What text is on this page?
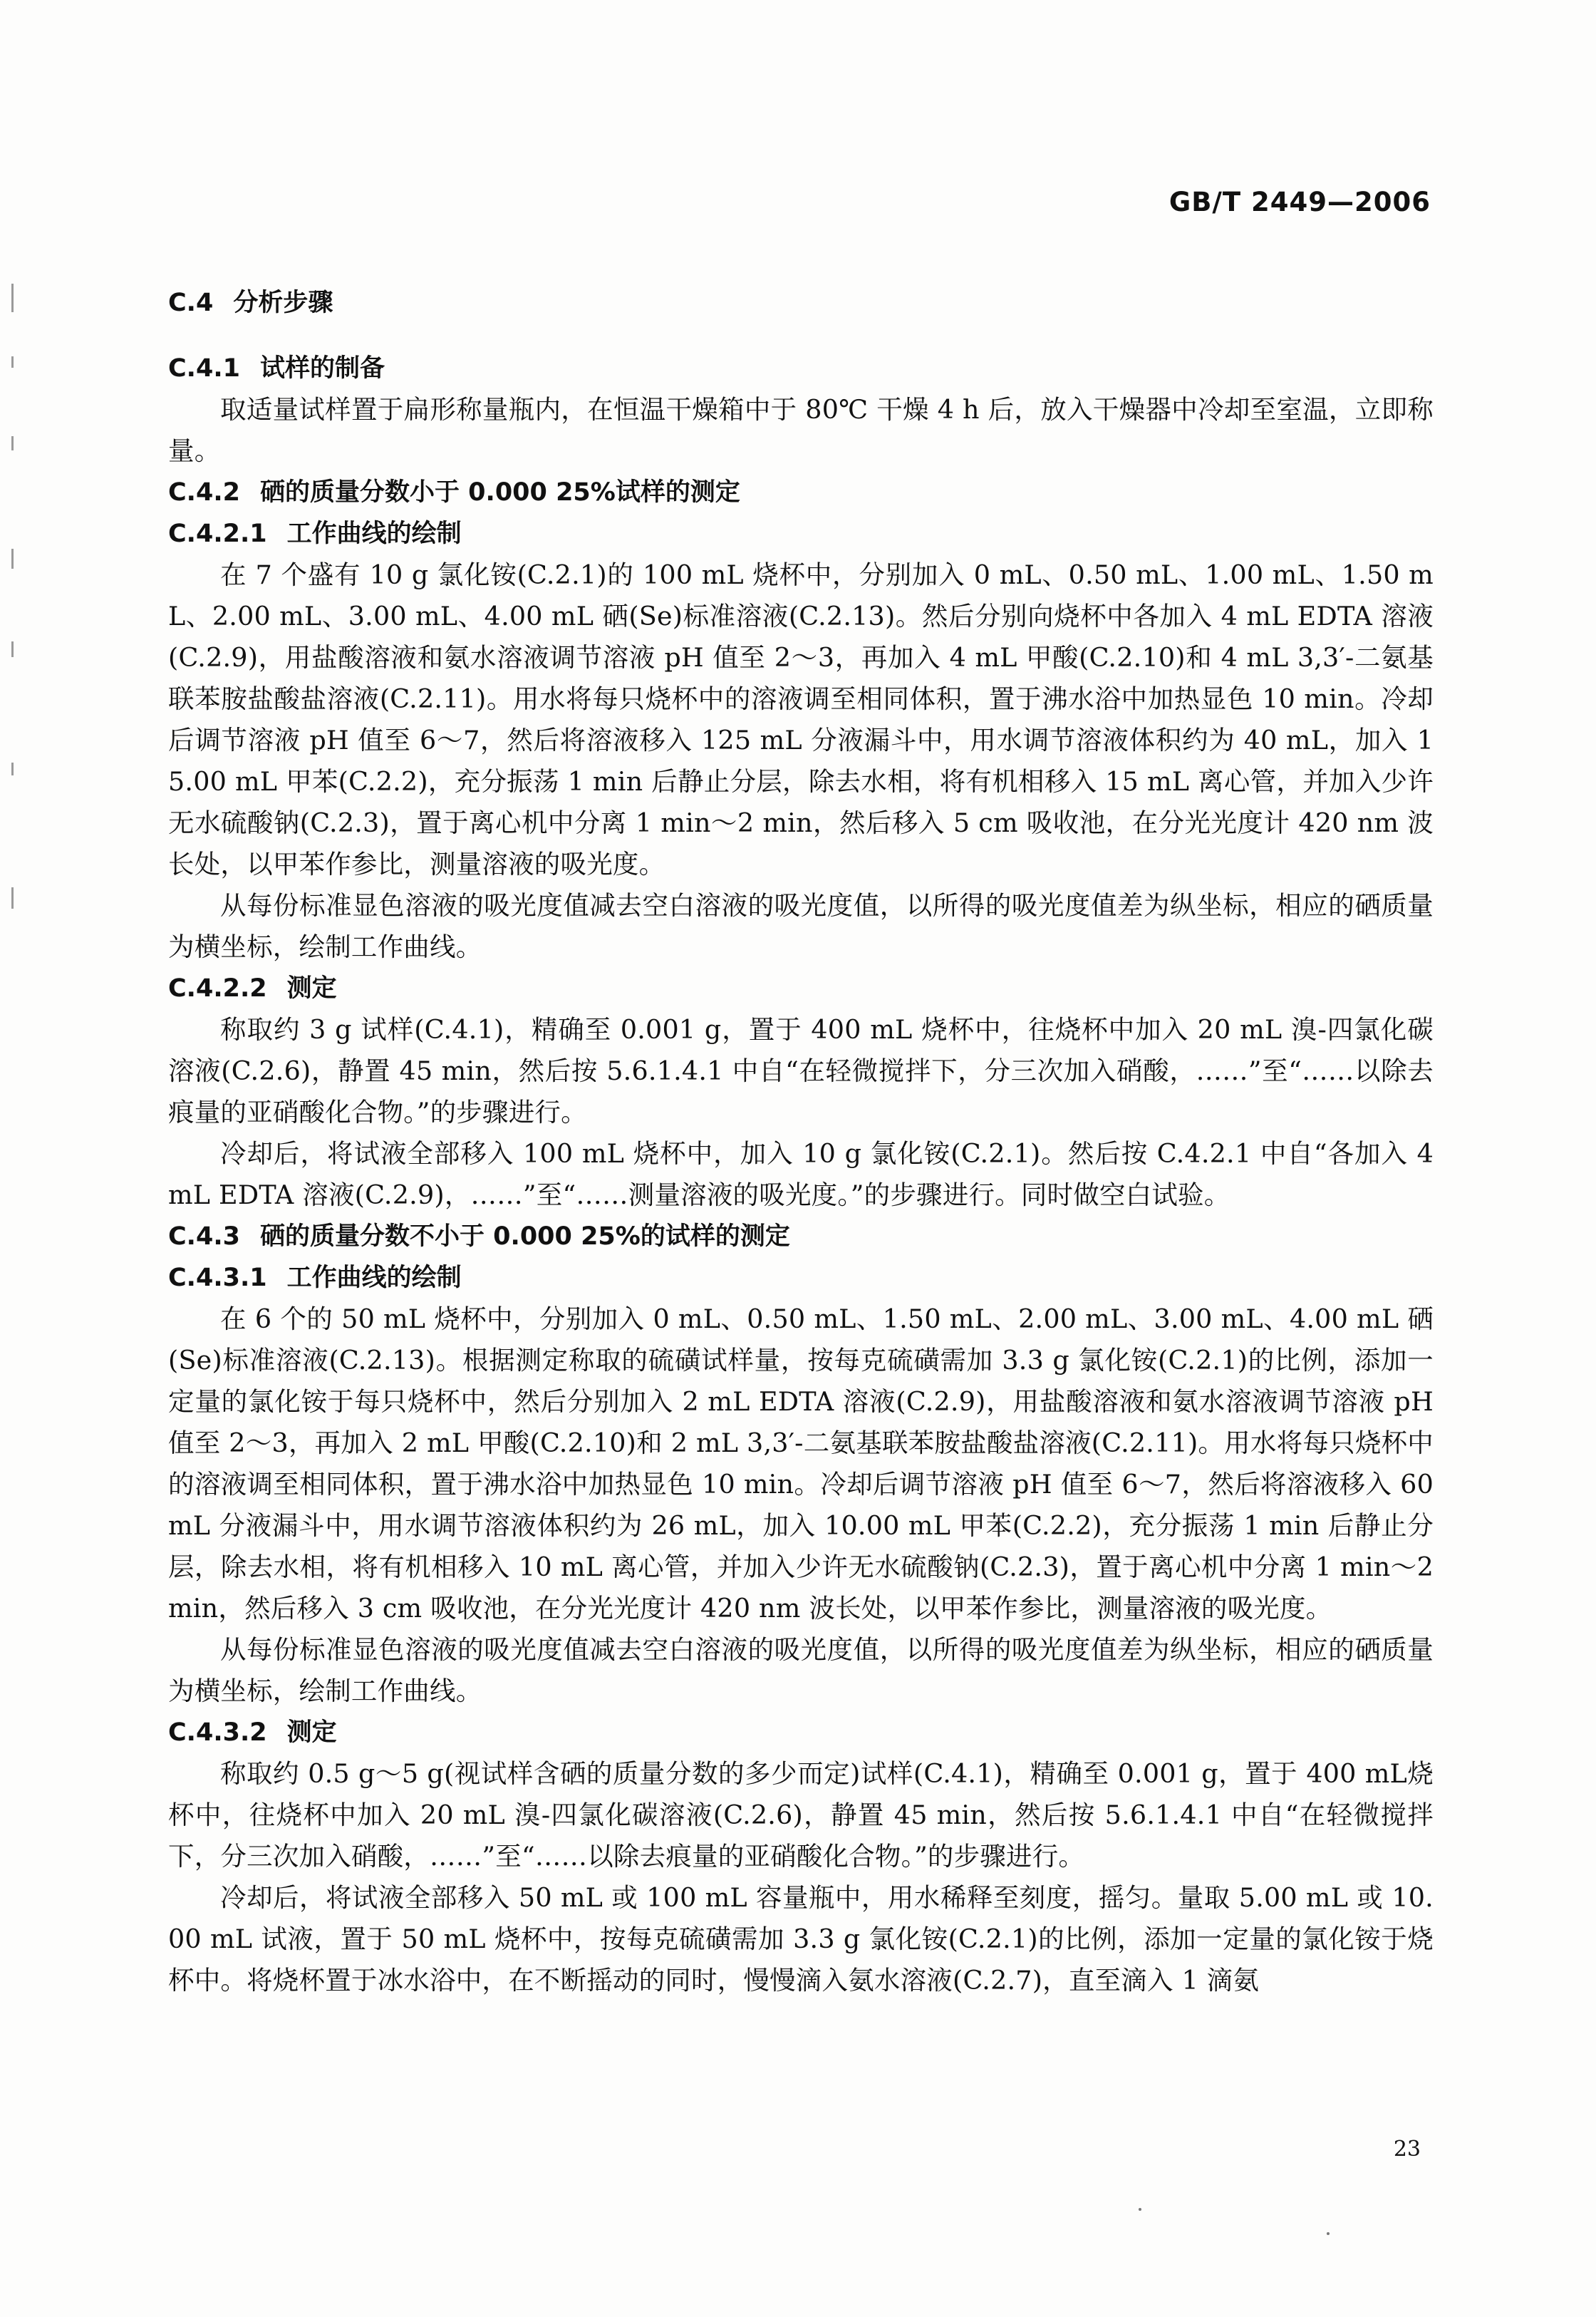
GB/T 2449—2006
C.4 分析步骤
C.4.1 试样的制备

取适量试样置于扁形称量瓶内，在恒温干燥箱中于 80℃ 干燥 4 h 后，放入干燥器中冷却至室温，立即称量。

C.4.2 硒的质量分数小于 0.000 25%试样的测定
C.4.2.1 工作曲线的绘制

在 7 个盛有 10 g 氯化铵(C.2.1)的 100 mL 烧杯中，分别加入 0 mL、0.50 mL、1.00 mL、1.50 mL、2.00 mL、3.00 mL、4.00 mL 硒(Se)标准溶液(C.2.13)。然后分别向烧杯中各加入 4 mL EDTA 溶液(C.2.9)，用盐酸溶液和氨水溶液调节溶液 pH 值至 2～3，再加入 4 mL 甲酸(C.2.10)和 4 mL 3,3′-二氨基联苯胺盐酸盐溶液(C.2.11)。用水将每只烧杯中的溶液调至相同体积，置于沸水浴中加热显色 10 min。冷却后调节溶液 pH 值至 6～7，然后将溶液移入 125 mL 分液漏斗中，用水调节溶液体积约为 40 mL，加入 15.00 mL 甲苯(C.2.2)，充分振荡 1 min 后静止分层，除去水相，将有机相移入 15 mL 离心管，并加入少许无水硫酸钠(C.2.3)，置于离心机中分离 1 min～2 min，然后移入 5 cm 吸收池，在分光光度计 420 nm 波长处，以甲苯作参比，测量溶液的吸光度。

从每份标准显色溶液的吸光度值减去空白溶液的吸光度值，以所得的吸光度值差为纵坐标，相应的硒质量为横坐标，绘制工作曲线。

C.4.2.2 测定

称取约 3 g 试样(C.4.1)，精确至 0.001 g，置于 400 mL 烧杯中，往烧杯中加入 20 mL 溴-四氯化碳溶液(C.2.6)，静置 45 min，然后按 5.6.1.4.1 中自“在轻微搅拌下，分三次加入硝酸，……”至“……以除去痕量的亚硝酸化合物。”的步骤进行。

冷却后，将试液全部移入 100 mL 烧杯中，加入 10 g 氯化铵(C.2.1)。然后按 C.4.2.1 中自“各加入 4 mL EDTA 溶液(C.2.9)，……”至“……测量溶液的吸光度。”的步骤进行。同时做空白试验。

C.4.3 硒的质量分数不小于 0.000 25%的试样的测定
C.4.3.1 工作曲线的绘制

在 6 个的 50 mL 烧杯中，分别加入 0 mL、0.50 mL、1.50 mL、2.00 mL、3.00 mL、4.00 mL 硒(Se)标准溶液(C.2.13)。根据测定称取的硫磺试样量，按每克硫磺需加 3.3 g 氯化铵(C.2.1)的比例，添加一定量的氯化铵于每只烧杯中，然后分别加入 2 mL EDTA 溶液(C.2.9)，用盐酸溶液和氨水溶液调节溶液 pH 值至 2～3，再加入 2 mL 甲酸(C.2.10)和 2 mL 3,3′-二氨基联苯胺盐酸盐溶液(C.2.11)。用水将每只烧杯中的溶液调至相同体积，置于沸水浴中加热显色 10 min。冷却后调节溶液 pH 值至 6～7，然后将溶液移入 60 mL 分液漏斗中，用水调节溶液体积约为 26 mL，加入 10.00 mL 甲苯(C.2.2)，充分振荡 1 min 后静止分层，除去水相，将有机相移入 10 mL 离心管，并加入少许无水硫酸钠(C.2.3)，置于离心机中分离 1 min～2 min，然后移入 3 cm 吸收池，在分光光度计 420 nm 波长处，以甲苯作参比，测量溶液的吸光度。

从每份标准显色溶液的吸光度值减去空白溶液的吸光度值，以所得的吸光度值差为纵坐标，相应的硒质量为横坐标，绘制工作曲线。

C.4.3.2 测定

称取约 0.5 g～5 g(视试样含硒的质量分数的多少而定)试样(C.4.1)，精确至 0.001 g，置于 400 mL烧杯中，往烧杯中加入 20 mL 溴-四氯化碳溶液(C.2.6)，静置 45 min，然后按 5.6.1.4.1 中自“在轻微搅拌下，分三次加入硝酸，……”至“……以除去痕量的亚硝酸化合物。”的步骤进行。

冷却后，将试液全部移入 50 mL 或 100 mL 容量瓶中，用水稀释至刻度，摇匀。量取 5.00 mL 或 10.00 mL 试液，置于 50 mL 烧杯中，按每克硫磺需加 3.3 g 氯化铵(C.2.1)的比例，添加一定量的氯化铵于烧杯中。将烧杯置于冰水浴中，在不断摇动的同时，慢慢滴入氨水溶液(C.2.7)，直至滴入 1 滴氨

23
